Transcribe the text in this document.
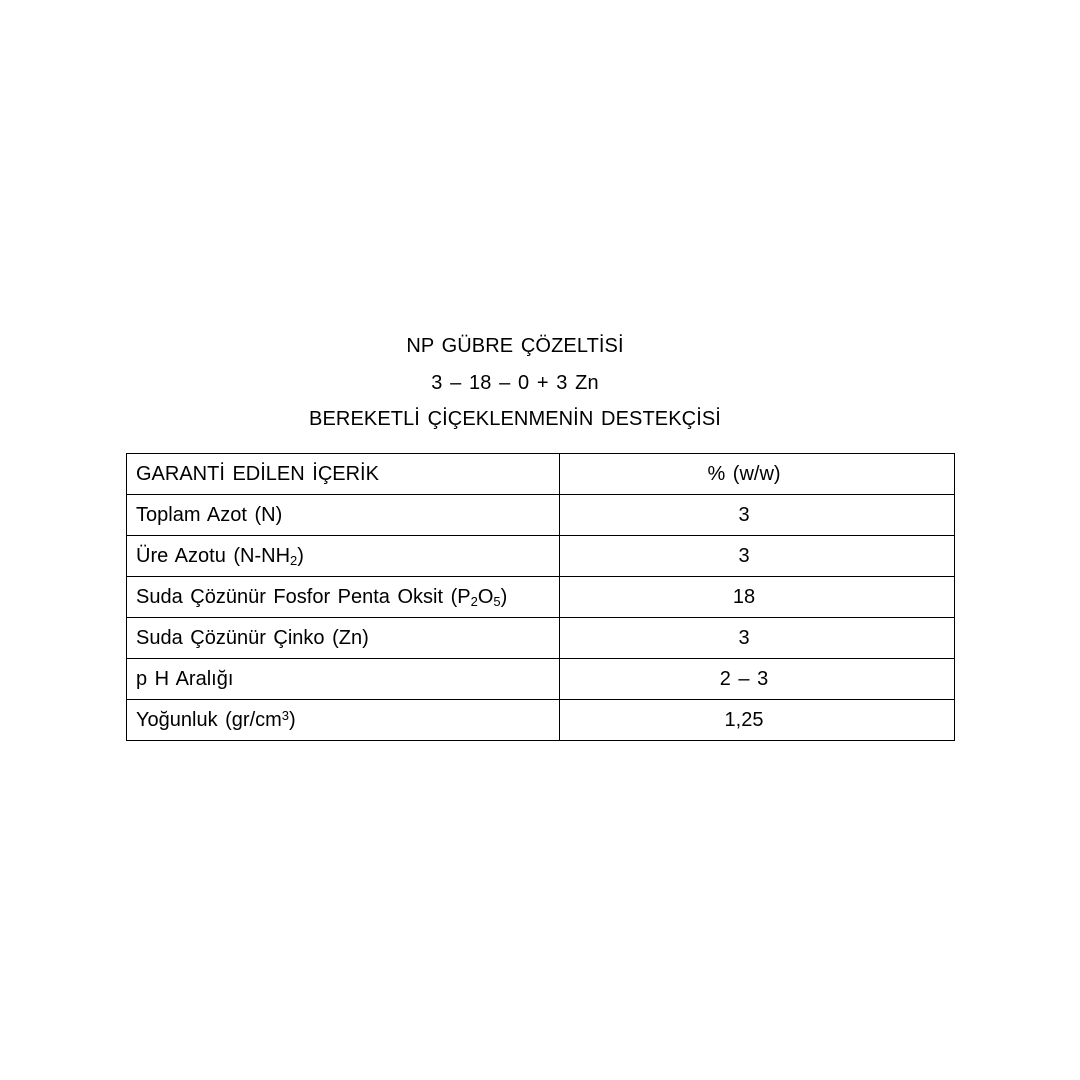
NP GÜBRE ÇÖZELTİSİ
3 – 18 – 0 + 3 Zn
BEREKETLİ ÇİÇEKLENMENİN DESTEKÇİSİ
GARANTİ EDİLEN İÇERİK	% (w/w)
Toplam Azot (N)	3
Üre Azotu $(N-NH_2)$	3
Suda Çözünür Fosfor Penta Oksit $(P_2O_5)$	18
Suda Çözünür Çinko (Zn)	3
p H Aralığı	2 – 3
Yoğunluk $(gr/cm^3)$	1,25
